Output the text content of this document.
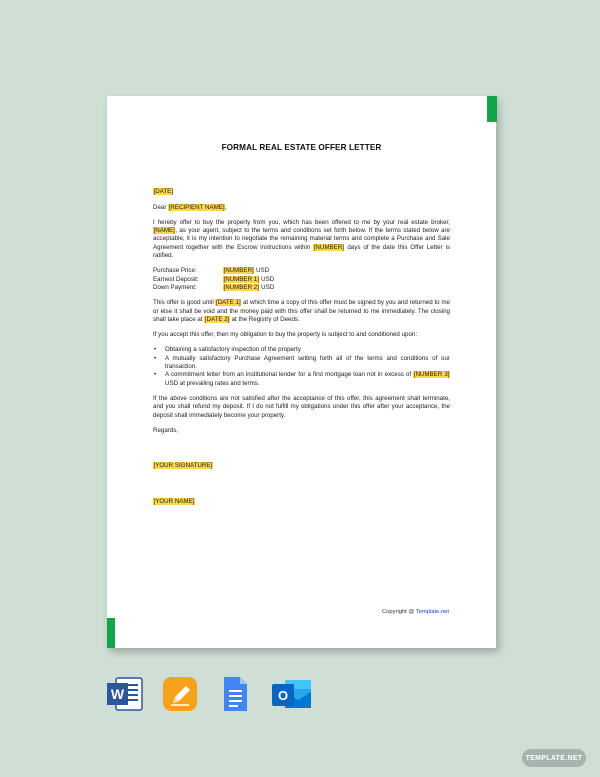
FORMAL REAL ESTATE OFFER LETTER
[DATE]
Dear [RECIPIENT NAME],
I hereby offer to buy the property from you, which has been offered to me by your real estate broker, [NAME], as your agent, subject to the terms and conditions set forth below. If the terms stated below are acceptable, it is my intention to negotiate the remaining material terms and complete a Purchase and Sale Agreement together with the Escrow instructions within [NUMBER] days of the date this Offer Letter is ratified.
Purchase Price:	[NUMBER] USD
Earnest Deposit:	[NUMBER 1] USD
Down Payment:	[NUMBER 2] USD
This offer is good until [DATE 1] at which time a copy of this offer must be signed by you and returned to me or else it shall be void and the money paid with this offer shall be returned to me immediately. The closing shall take place at [DATE 2] at the Registry of Deeds.
If you accept this offer, then my obligation to buy the property is subject to and conditioned upon:
• Obtaining a satisfactory inspection of the property
• A mutually satisfactory Purchase Agreement setting forth all of the terms and conditions of our transaction.
• A commitment letter from an institutional lender for a first mortgage loan not in excess of [NUMBER 3] USD at prevailing rates and terms.
If the above conditions are not satisfied after the acceptance of this offer, this agreement shall terminate, and you shall refund my deposit. If I do not fulfill my obligations under this offer after your acceptance, the deposit shall immediately become your property.
Regards,
[YOUR SIGNATURE]
[YOUR NAME]
Copyright @ Template.net
W	O
TEMPLATE.NET
